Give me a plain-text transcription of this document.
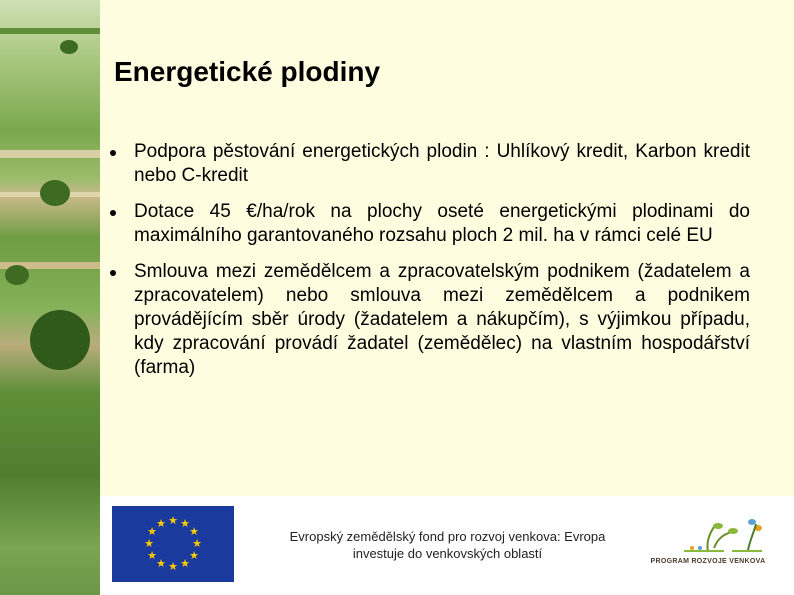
Energetické plodiny
Podpora pěstování energetických plodin : Uhlíkový kredit, Karbon kredit nebo C-kredit
Dotace 45 €/ha/rok na plochy oseté energetickými plodinami do maximálního garantovaného rozsahu ploch 2 mil. ha v rámci celé EU
Smlouva mezi zemědělcem a zpracovatelským podnikem (žadatelem a zpracovatelem) nebo smlouva mezi zemědělcem a podnikem provádějícím sběr úrody (žadatelem a nákupčím), s výjimkou případu, kdy zpracování provádí žadatel (zemědělec) na vlastním hospodářství (farma)
★ ★
★
★
★
★
★
★
★
★
★
★
Evropský zemědělský fond pro rozvoj venkova: Evropa
investuje do venkovských oblastí
PROGRAM ROZVOJE VENKOVA
